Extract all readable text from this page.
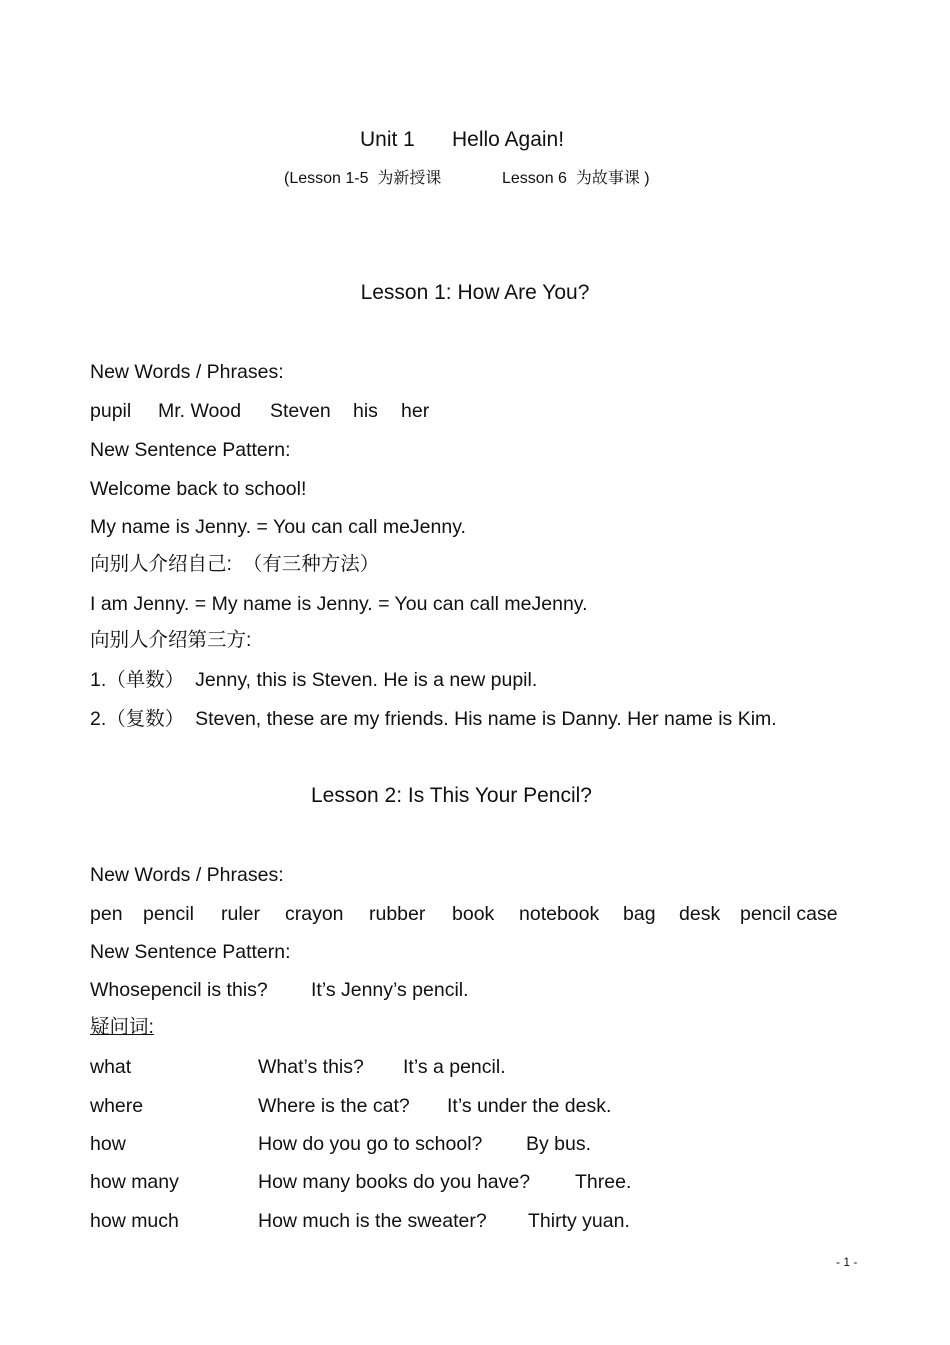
Unit 1 Hello Again!
(Lesson 1-5  为新授课	Lesson 6  为故事课 )
Lesson 1: How Are You?
New Words / Phrases:
pupil Mr. Wood Steven his her
New Sentence Pattern:
Welcome back to school!
My name is Jenny. = You can call meJenny.
向别人介绍自己:  （有三种方法）
I am Jenny. = My name is Jenny. = You can call meJenny.
向别人介绍第三方:
1.（单数）  Jenny, this is Steven. He is a new pupil.
2.（复数）  Steven, these are my friends. His name is Danny. Her name is Kim.
Lesson 2: Is This Your Pencil?
New Words / Phrases:
pen pencil ruler crayon rubber book notebook bag desk pencil case
New Sentence Pattern:
Whosepencil is this? It’s Jenny’s pencil.
疑问词:
what	What’s this? It’s a pencil.
where	Where is the cat? It’s under the desk.
how	How do you go to school? By bus.
how many	How many books do you have? Three.
how much	How much is the sweater? Thirty yuan.
- 1 -
